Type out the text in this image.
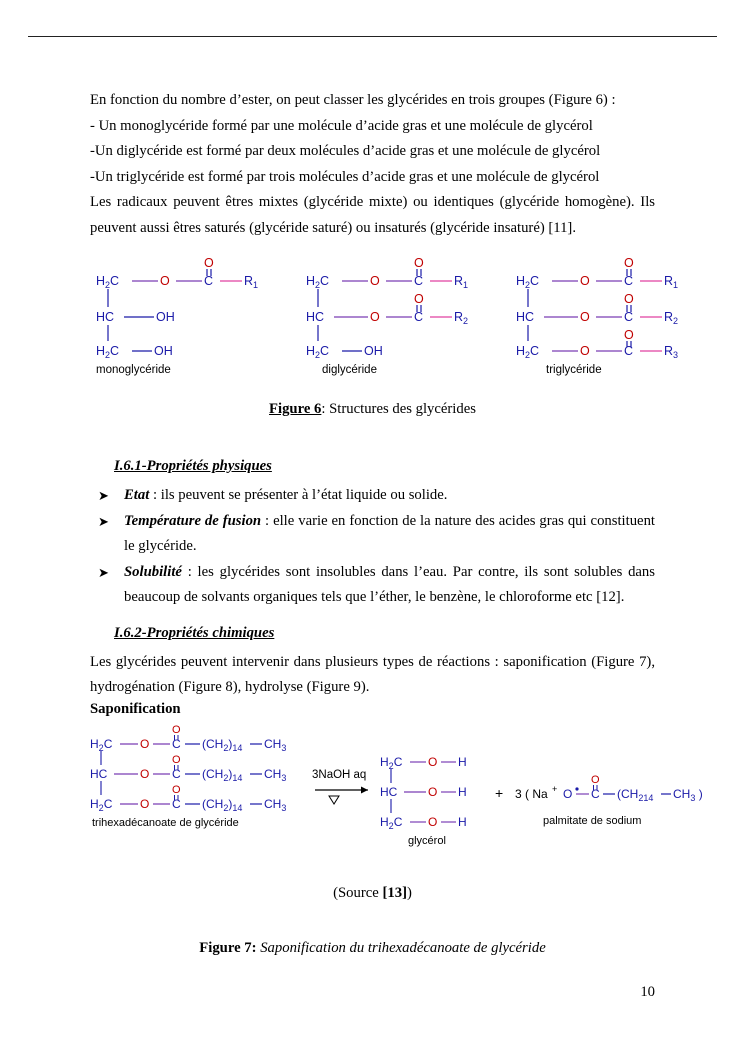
En fonction du nombre d’ester, on peut classer les glycérides en trois groupes (Figure 6) :

- Un monoglycéride formé par une molécule d’acide gras et une molécule de glycérol

-Un diglycéride est formé par deux molécules d’acide gras et une molécule de glycérol

-Un triglycéride est formé par trois molécules d’acide gras et une molécule de glycérol

Les radicaux peuvent êtres mixtes (glycéride mixte) ou identiques (glycéride homogène). Ils peuvent aussi êtres saturés (glycéride saturé) ou insaturés (glycéride insaturé) [11].

$H_2C$	O	C $R_1$
O
HC	OH
$H_2C$	OH
monoglycéride
$H_2C$	O	C $R_1$
O
HC	O	C $R_2$
O
$H_2C$	OH
diglycéride
$H_2C$	O	C $R_1$
O
HC	O	C $R_2$
O
$H_2C$	O	C $R_3$
O
triglycéride

Figure 6: Structures des glycérides

I.6.1-Propriétés physiques

➤ Etat : ils peuvent se présenter à l’état liquide ou solide.
➤ Température de fusion : elle varie en fonction de la nature des acides gras qui constituent le glycéride.
➤ Solubilité : les glycérides sont insolubles dans l’eau. Par contre, ils sont solubles dans beaucoup de solvants organiques tels que l’éther, le benzène, le chloroforme etc [12].

I.6.2-Propriétés chimiques

Les glycérides peuvent intervenir dans plusieurs types de réactions : saponification (Figure 7), hydrogénation (Figure 8), hydrolyse (Figure 9).

Saponification

$H_2C$ O C $(CH_2)_{14}$ $CH_3$
O
HC	O C $(CH_2)_{14}$ $CH_3$
O
$H_2C$ O C $(CH_2)_{14}$ $CH_3$
O
trihexadécanoate de glycéride
3NaOH aq
$H_2C$ O H
HC	O H
$H_2C$ O H
glycérol
+ 3 ( Na + O C
O
($CH_214$ $CH_3$ )
palmitate de sodium

(Source [13])

Figure 7: Saponification du trihexadécanoate de glycéride

10
